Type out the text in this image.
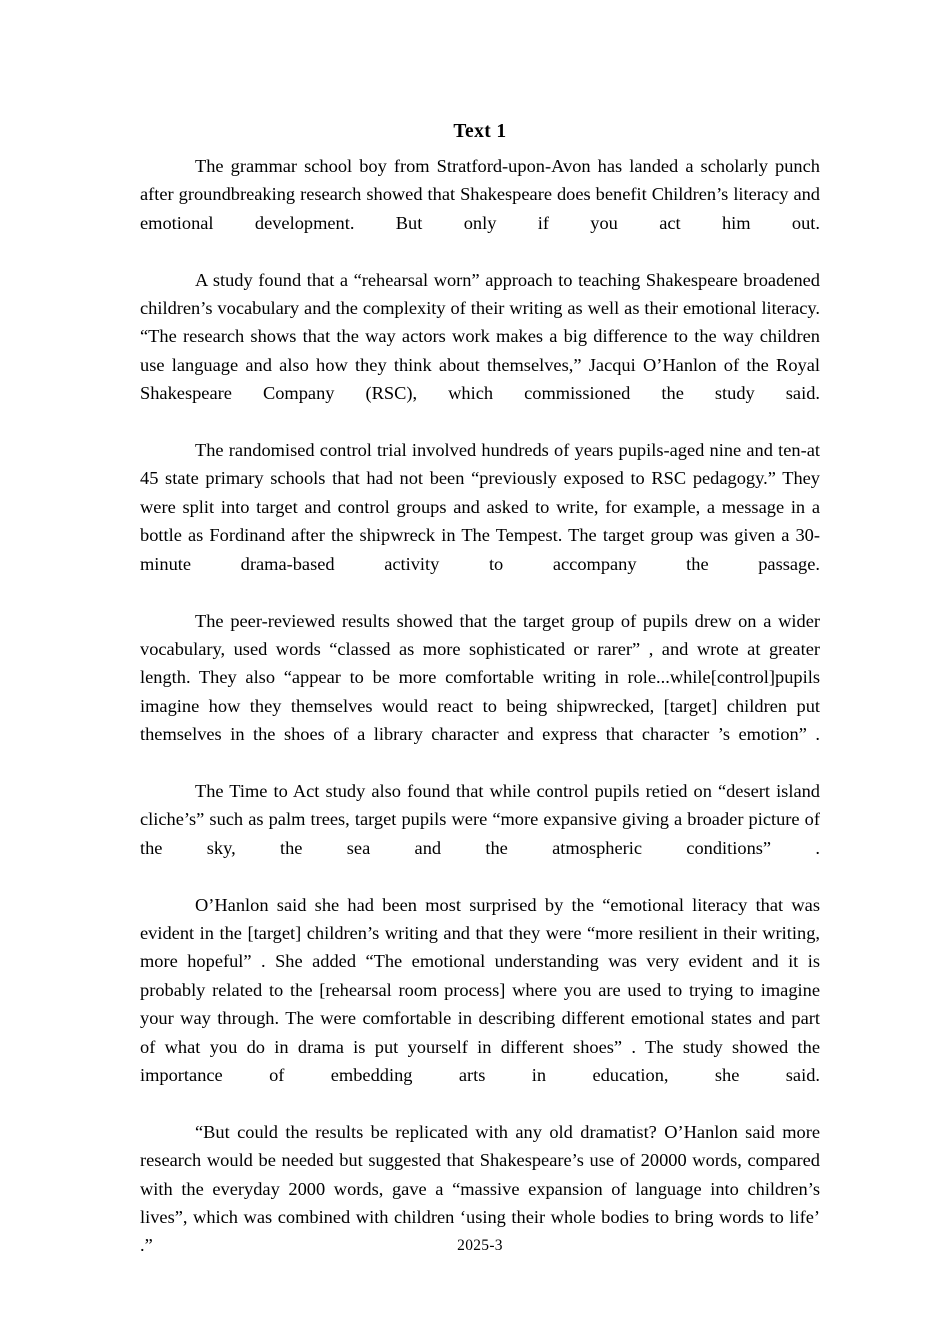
Text 1

The grammar school boy from Stratford-upon-Avon has landed a scholarly punch after groundbreaking research showed that Shakespeare does benefit Children’s literacy and emotional development. But only if you act him out.

A study found that a “rehearsal worn” approach to teaching Shakespeare broadened children’s vocabulary and the complexity of their writing as well as their emotional literacy. “The research shows that the way actors work makes a big difference to the way children use language and also how they think about themselves,” Jacqui O’Hanlon of the Royal Shakespeare Company (RSC), which commissioned the study said.

The randomised control trial involved hundreds of years pupils-aged nine and ten-at 45 state primary schools that had not been “previously exposed to RSC pedagogy.” They were split into target and control groups and asked to write, for example, a message in a bottle as Fordinand after the shipwreck in The Tempest. The target group was given a 30-minute drama-based activity to accompany the passage.

The peer-reviewed results showed that the target group of pupils drew on a wider vocabulary, used words “classed as more sophisticated or rarer” , and wrote at greater length. They also “appear to be more comfortable writing in role...while[control]pupils imagine how they themselves would react to being shipwrecked, [target] children put themselves in the shoes of a library character and express that character ’s emotion” .

The Time to Act study also found that while control pupils retied on “desert island cliche’s” such as palm trees, target pupils were “more expansive giving a broader picture of the sky, the sea and the atmospheric conditions” .

O’Hanlon said she had been most surprised by the “emotional literacy that was evident in the [target] children’s writing and that they were “more resilient in their writing, more hopeful” . She added “The emotional understanding was very evident and it is probably related to the [rehearsal room process] where you are used to trying to imagine your way through. The were comfortable in describing different emotional states and part of what you do in drama is put yourself in different shoes” . The study showed the importance of embedding arts in education, she said.

“But could the results be replicated with any old dramatist? O’Hanlon said more research would be needed but suggested that Shakespeare’s use of 20000 words, compared with the everyday 2000 words, gave a “massive expansion of language into children’s lives”, which was combined with children ‘using their whole bodies to bring words to life’ .”	2025-3
